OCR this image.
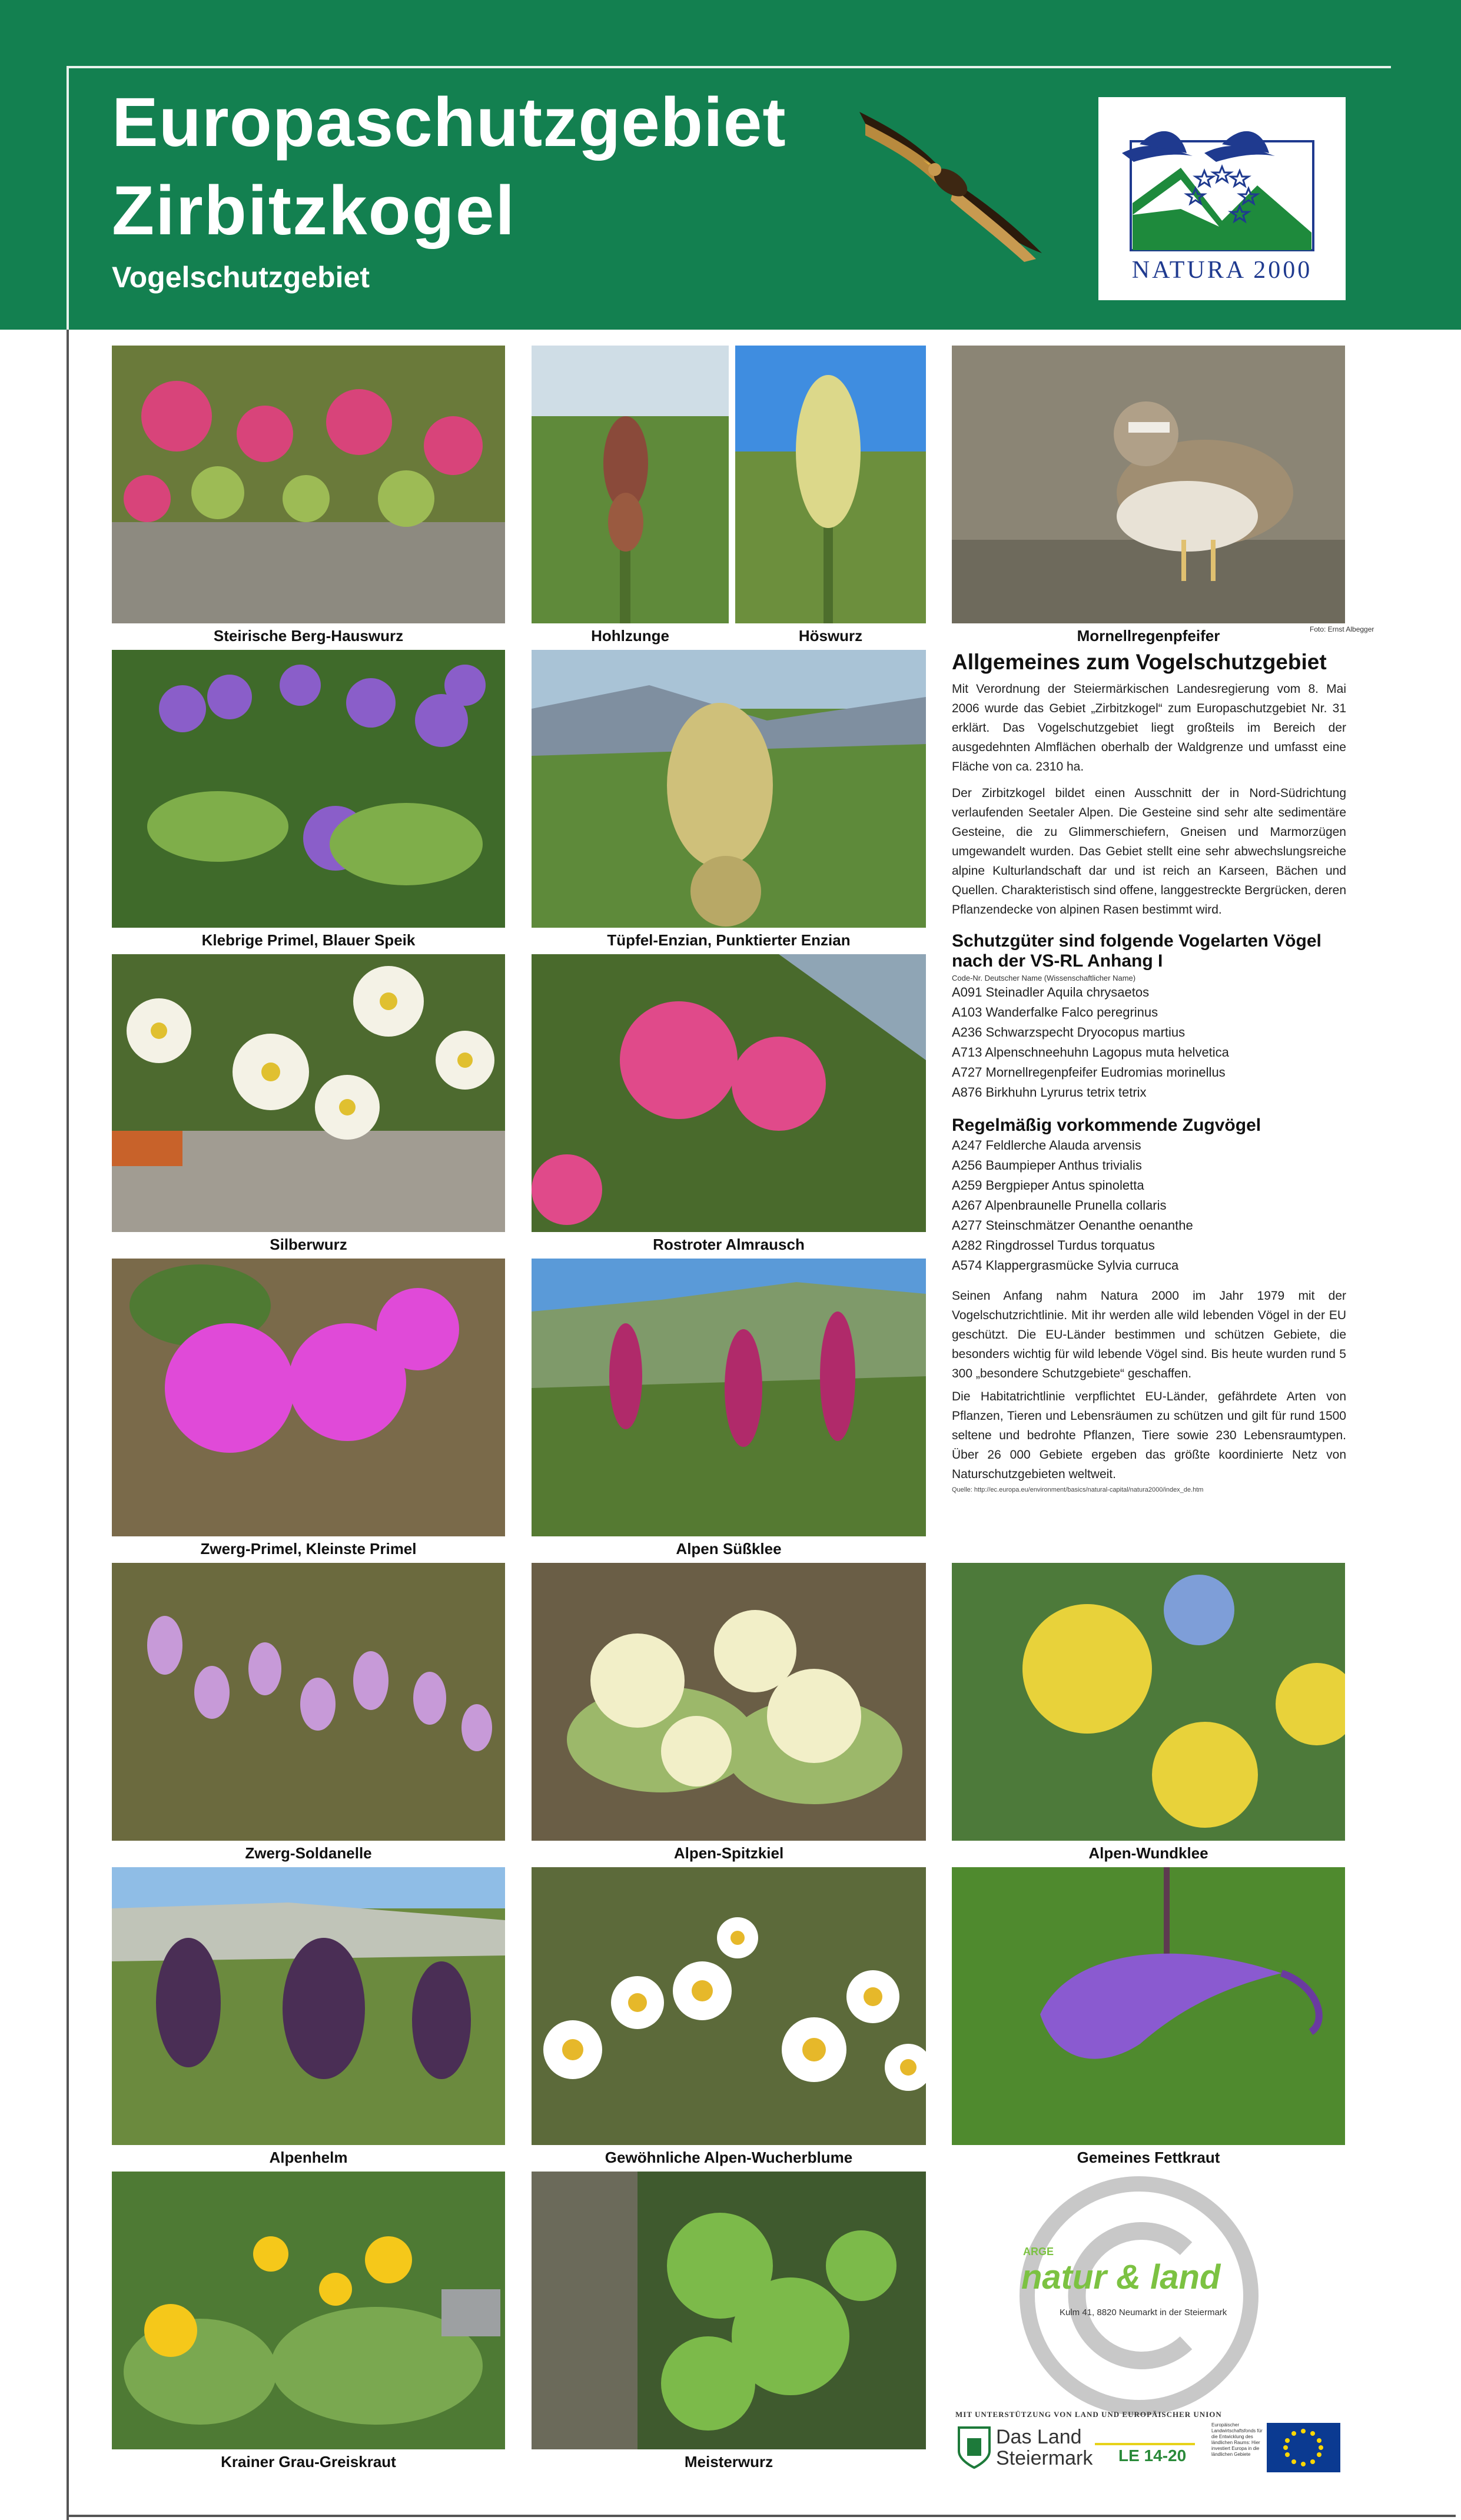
Europaschutzgebiet
Zirbitzkogel
Vogelschutzgebiet	NATURA 2000
Steirische Berg-Hauswurz	Hohlzunge	Höswurz	Foto: Ernst Albegger
Mornellregenpfeifer
Klebrige Primel, Blauer Speik	Tüpfel-Enzian, Punktierter Enzian
Silberwurz	Rostroter Almrausch
Zwerg-Primel, Kleinste Primel	Alpen Süßklee
Allgemeines zum Vogelschutzgebiet

Mit Verordnung der Steiermärkischen Landesregierung vom 8. Mai 2006 wurde das Gebiet „Zirbitzkogel“ zum Europaschutzgebiet Nr. 31 erklärt. Das Vogelschutzgebiet liegt großteils im Bereich der ausgedehnten Almflächen oberhalb der Waldgrenze und umfasst eine Fläche von ca. 2310 ha.

Der Zirbitzkogel bildet einen Ausschnitt der in Nord-Südrichtung verlaufenden Seetaler Alpen. Die Gesteine sind sehr alte sedimentäre Gesteine, die zu Glimmerschiefern, Gneisen und Marmorzügen umgewandelt wurden. Das Gebiet stellt eine sehr abwechslungsreiche alpine Kulturlandschaft dar und ist reich an Karseen, Bächen und Quellen. Charakteristisch sind offene, langgestreckte Bergrücken, deren Pflanzendecke von alpinen Rasen bestimmt wird.

Schutzgüter sind folgende Vogelarten Vögel nach der VS-RL Anhang I
Code-Nr. Deutscher Name (Wissenschaftlicher Name)
A091 Steinadler Aquila chrysaetos
A103 Wanderfalke Falco peregrinus
A236 Schwarzspecht Dryocopus martius
A713 Alpenschneehuhn Lagopus muta helvetica
A727 Mornellregenpfeifer Eudromias morinellus
A876 Birkhuhn Lyrurus tetrix tetrix
Regelmäßig vorkommende Zugvögel
A247 Feldlerche Alauda arvensis
A256 Baumpieper Anthus trivialis
A259 Bergpieper Antus spinoletta
A267 Alpenbraunelle Prunella collaris
A277 Steinschmätzer Oenanthe oenanthe
A282 Ringdrossel Turdus torquatus
A574 Klappergrasmücke Sylvia curruca

Seinen Anfang nahm Natura 2000 im Jahr 1979 mit der Vogelschutzrichtlinie. Mit ihr werden alle wild lebenden Vögel in der EU geschützt. Die EU-Länder bestimmen und schützen Gebiete, die besonders wichtig für wild lebende Vögel sind. Bis heute wurden rund 5 300 „besondere Schutzgebiete“ geschaffen.

Die Habitatrichtlinie verpflichtet EU-Länder, gefährdete Arten von Pflanzen, Tieren und Lebensräumen zu schützen und gilt für rund 1500 seltene und bedrohte Pflanzen, Tiere sowie 230 Lebensraumtypen. Über 26 000 Gebiete ergeben das größte koordinierte Netz von Naturschutzgebieten weltweit.

Quelle: http://ec.europa.eu/environment/basics/natural-capital/natura2000/index_de.htm
Zwerg-Soldanelle	Alpen-Spitzkiel	Alpen-Wundklee
Alpenhelm	Gewöhnliche Alpen-Wucherblume	Gemeines Fettkraut
Krainer Grau-Greiskraut	Meisterwurz
ARGE
natur & land
Kulm 41, 8820 Neumarkt in der Steiermark
MIT UNTERSTÜTZUNG VON LAND UND EUROPÄISCHER UNION
Das Land
Steiermark LE 14-20
Europäischer Landwirtschaftsfonds für die Entwicklung des ländlichen Raums: Hier investiert Europa in die ländlichen Gebiete
